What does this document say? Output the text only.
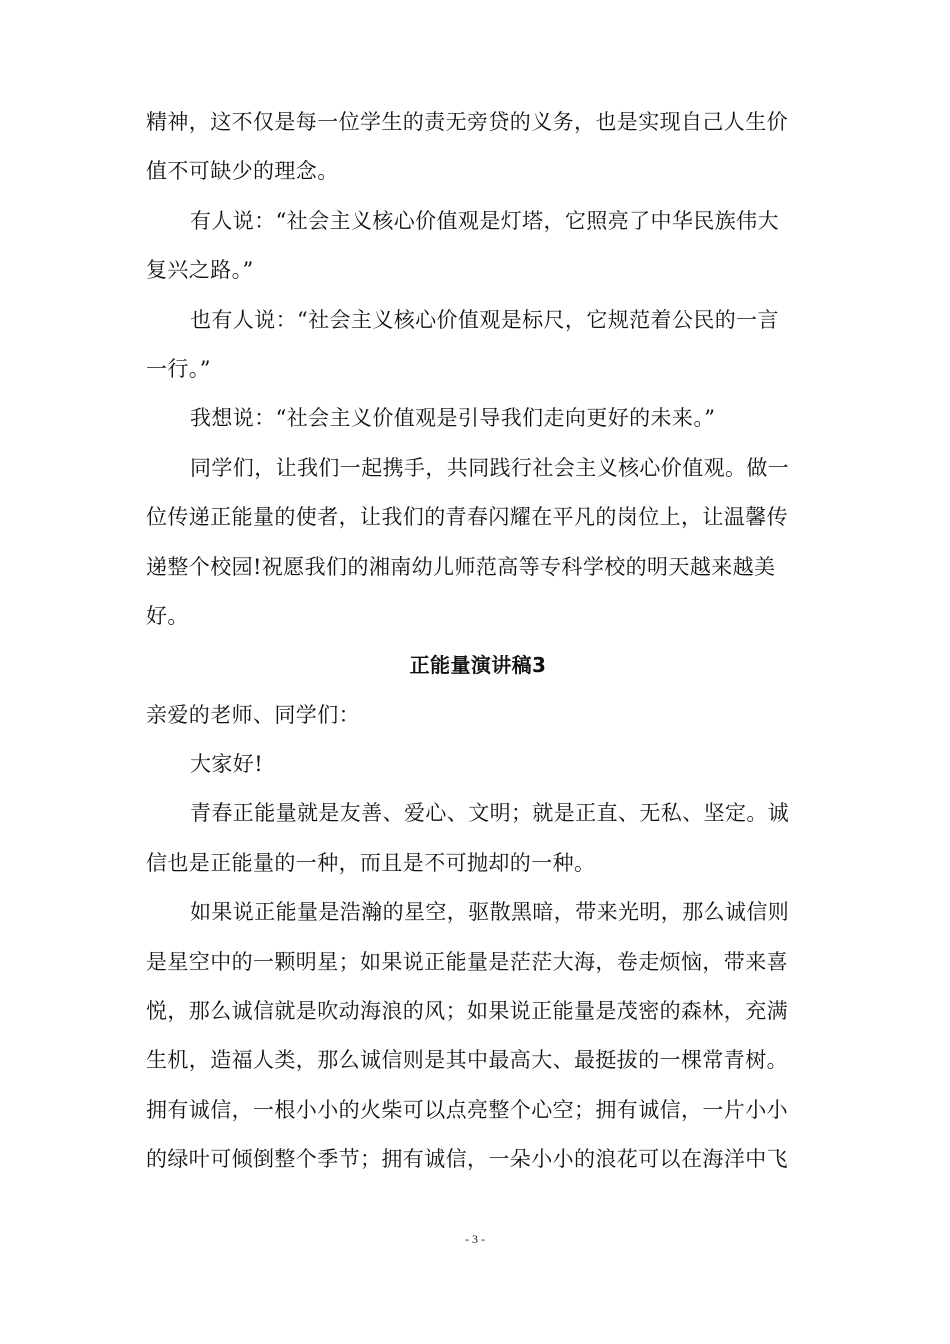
精神，这不仅是每一位学生的责无旁贷的义务，也是实现自己人生价
值不可缺少的理念。
有人说：“社会主义核心价值观是灯塔，它照亮了中华民族伟大
复兴之路。”
也有人说：“社会主义核心价值观是标尺，它规范着公民的一言
一行。”
我想说：“社会主义价值观是引导我们走向更好的未来。”
同学们，让我们一起携手，共同践行社会主义核心价值观。做一
位传递正能量的使者，让我们的青春闪耀在平凡的岗位上，让温馨传
递整个校园!祝愿我们的湘南幼儿师范高等专科学校的明天越来越美
好。
正能量演讲稿3
亲爱的老师、同学们：
大家好!
青春正能量就是友善、爱心、文明；就是正直、无私、坚定。诚
信也是正能量的一种，而且是不可抛却的一种。
如果说正能量是浩瀚的星空，驱散黑暗，带来光明，那么诚信则
是星空中的一颗明星；如果说正能量是茫茫大海，卷走烦恼，带来喜
悦，那么诚信就是吹动海浪的风；如果说正能量是茂密的森林，充满
生机，造福人类，那么诚信则是其中最高大、最挺拔的一棵常青树。
拥有诚信，一根小小的火柴可以点亮整个心空；拥有诚信，一片小小
的绿叶可倾倒整个季节；拥有诚信，一朵小小的浪花可以在海洋中飞
- 3 -
